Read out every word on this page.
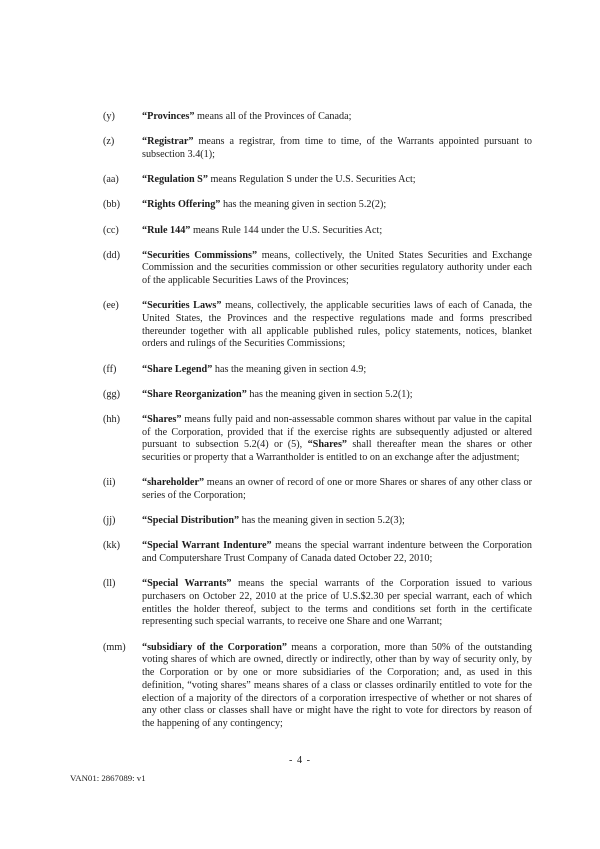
(y)	“Provinces” means all of the Provinces of Canada;
(z)	“Registrar” means a registrar, from time to time, of the Warrants appointed pursuant to subsection 3.4(1);
(aa)	“Regulation S” means Regulation S under the U.S. Securities Act;
(bb)	“Rights Offering” has the meaning given in section 5.2(2);
(cc)	“Rule 144” means Rule 144 under the U.S. Securities Act;
(dd)	“Securities Commissions” means, collectively, the United States Securities and Exchange Commission and the securities commission or other securities regulatory authority under each of the applicable Securities Laws of the Provinces;
(ee)	“Securities Laws” means, collectively, the applicable securities laws of each of Canada, the United States, the Provinces and the respective regulations made and forms prescribed thereunder together with all applicable published rules, policy statements, notices, blanket orders and rulings of the Securities Commissions;
(ff)	“Share Legend” has the meaning given in section 4.9;
(gg)	“Share Reorganization” has the meaning given in section 5.2(1);
(hh)	“Shares” means fully paid and non-assessable common shares without par value in the capital of the Corporation, provided that if the exercise rights are subsequently adjusted or altered pursuant to subsection 5.2(4) or (5), “Shares” shall thereafter mean the shares or other securities or property that a Warrantholder is entitled to on an exchange after the adjustment;
(ii)	“shareholder” means an owner of record of one or more Shares or shares of any other class or series of the Corporation;
(jj)	“Special Distribution” has the meaning given in section 5.2(3);
(kk)	“Special Warrant Indenture” means the special warrant indenture between the Corporation and Computershare Trust Company of Canada dated October 22, 2010;
(ll)	“Special Warrants” means the special warrants of the Corporation issued to various purchasers on October 22, 2010 at the price of U.S.$2.30 per special warrant, each of which entitles the holder thereof, subject to the terms and conditions set forth in the certificate representing such special warrants, to receive one Share and one Warrant;
(mm)	“subsidiary of the Corporation” means a corporation, more than 50% of the outstanding voting shares of which are owned, directly or indirectly, other than by way of security only, by the Corporation or by one or more subsidiaries of the Corporation; and, as used in this definition, “voting shares” means shares of a class or classes ordinarily entitled to vote for the election of a majority of the directors of a corporation irrespective of whether or not shares of any other class or classes shall have or might have the right to vote for directors by reason of the happening of any contingency;
- 4 -
VAN01: 2867089: v1
